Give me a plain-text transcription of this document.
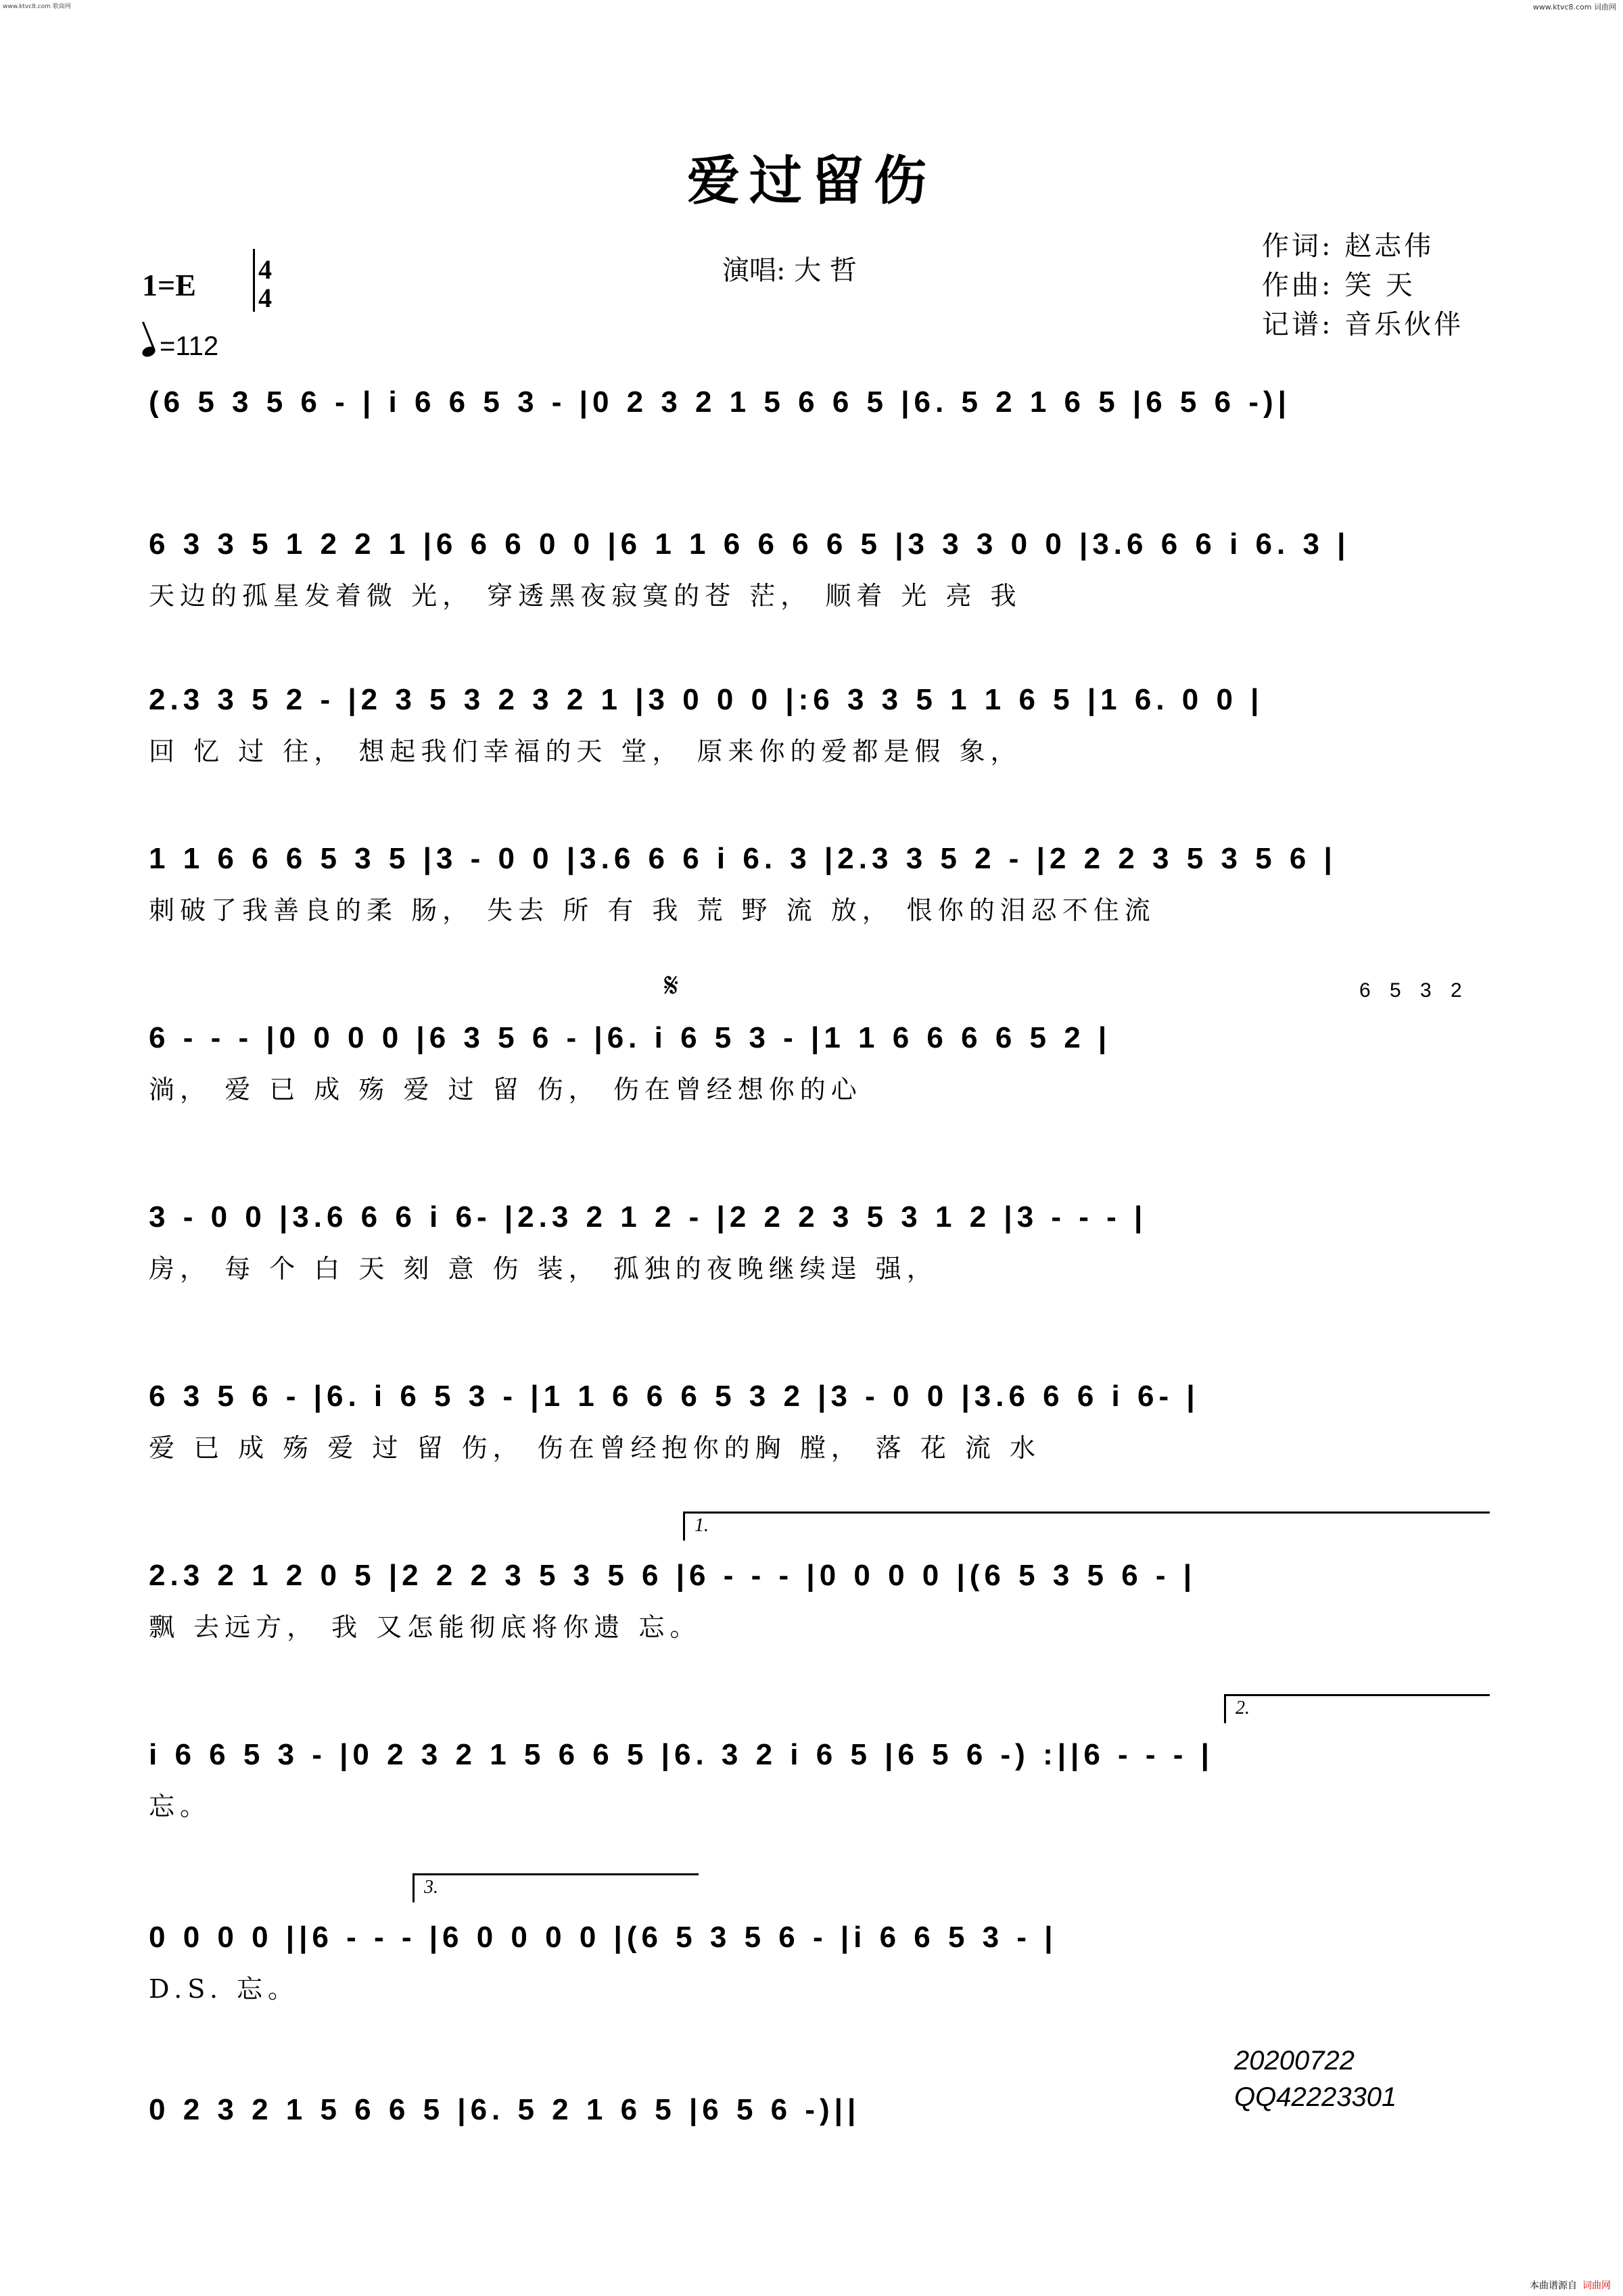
www.ktvc8.com 歌曲网	www.ktvc8.com 词曲网
爱过留伤
演唱: 大 哲
作词: 赵志伟
作曲: 笑 天
记谱: 音乐伙伴
1=E 4
4
=112
(6 5 3 5 6 - | i 6 6 5 3 - |0 2 3 2 1 5 6 6 5 |6. 5 2 1 6 5 |6 5 6 -)|
6 3 3 5 1 2 2 1 |6 6 6 0 0 |6 1 1 6 6 6 6 5 |3 3 3 0 0 |3.6 6 6 i 6. 3 |
天边的孤星发着微 光， 穿透黑夜寂寞的苍 茫， 顺着 光 亮 我
2.3 3 5 2 - |2 3 5 3 2 3 2 1 |3 0 0 0 |:6 3 3 5 1 1 6 5 |1 6. 0 0 |
回 忆 过 往， 想起我们幸福的天 堂， 原来你的爱都是假 象，
1 1 6 6 6 5 3 5 |3 - 0 0 |3.6 6 6 i 6. 3 |2.3 3 5 2 - |2 2 2 3 5 3 5 6 |
刺破了我善良的柔 肠， 失去 所 有 我 荒 野 流 放， 恨你的泪忍不住流
6 - - - |0 0 0 0 |6 3 5 6 - |6. i 6 5 3 - |1 1 6 6 6 6 5 2 |
淌， 爱 已 成 殇 爱 过 留 伤， 伤在曾经想你的心
3 - 0 0 |3.6 6 6 i 6- |2.3 2 1 2 - |2 2 2 3 5 3 1 2 |3 - - - |
房， 每 个 白 天 刻 意 伤 装， 孤独的夜晚继续逞 强，
6 3 5 6 - |6. i 6 5 3 - |1 1 6 6 6 5 3 2 |3 - 0 0 |3.6 6 6 i 6- |
爱 已 成 殇 爱 过 留 伤， 伤在曾经抱你的胸 膛， 落 花 流 水
2.3 2 1 2 0 5 |2 2 2 3 5 3 5 6 |6 - - - |0 0 0 0 |(6 5 3 5 6 - |
飘 去远方， 我 又怎能彻底将你遗 忘。
i 6 6 5 3 - |0 2 3 2 1 5 6 6 5 |6. 3 2 i 6 5 |6 5 6 -) :||6 - - - |
忘。
0 0 0 0 ||6 - - - |6 0 0 0 0 |(6 5 3 5 6 - |i 6 6 5 3 - |
D.S. 忘。
0 2 3 2 1 5 6 6 5 |6. 5 2 1 6 5 |6 5 6 -)||
20200722
QQ42223301
本曲谱源自 词曲网
6 5 3 2
𝄋
1.
2.
3.
